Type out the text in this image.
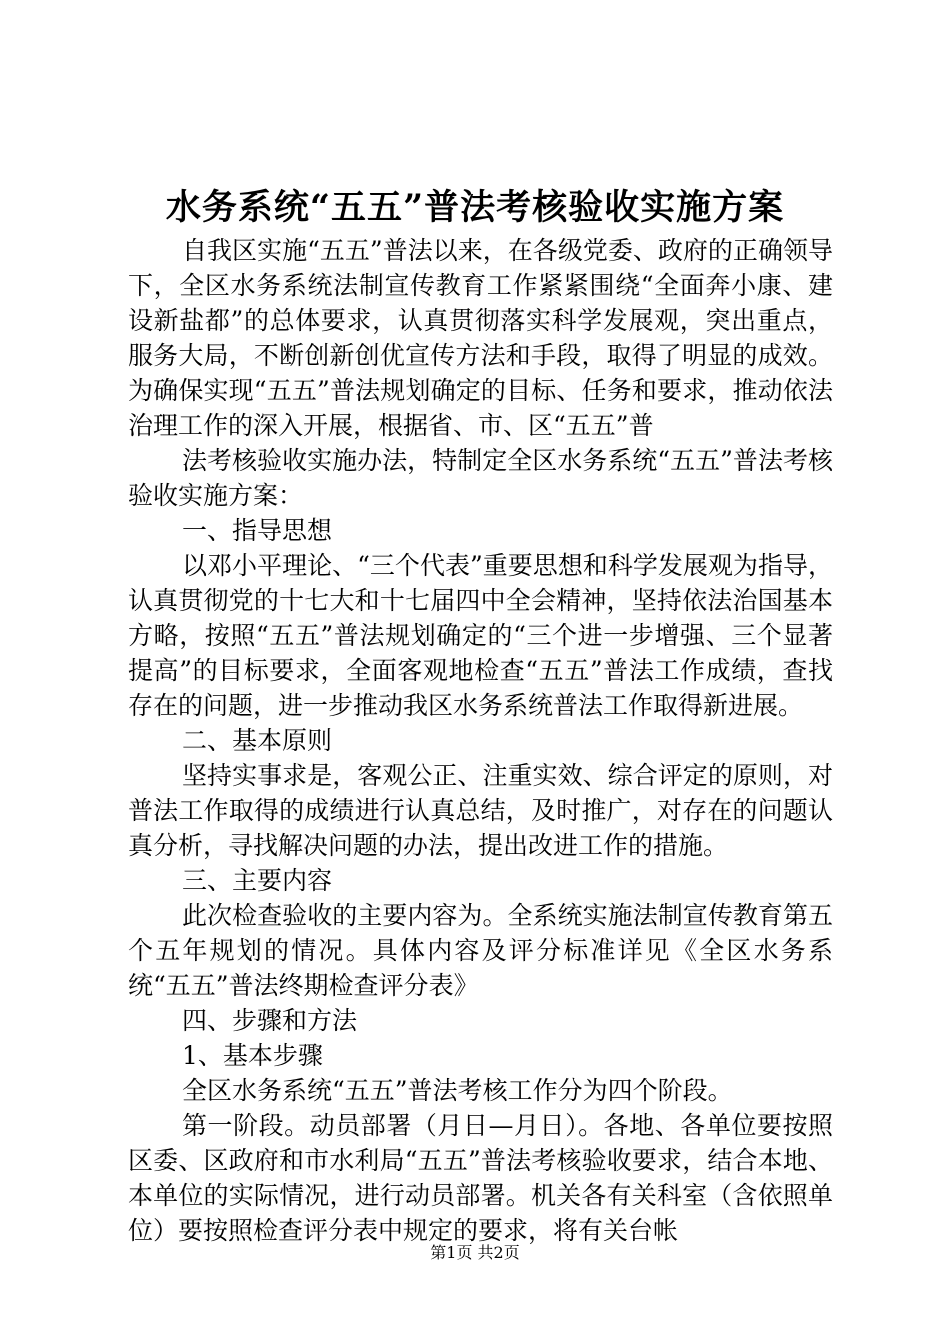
水务系统“五五”普法考核验收实施方案

自我区实施“五五”普法以来，在各级党委、政府的正确领导下，全区水务系统法制宣传教育工作紧紧围绕“全面奔小康、建设新盐都”的总体要求，认真贯彻落实科学发展观，突出重点，服务大局，不断创新创优宣传方法和手段，取得了明显的成效。为确保实现“五五”普法规划确定的目标、任务和要求，推动依法治理工作的深入开展，根据省、市、区“五五”普

法考核验收实施办法，特制定全区水务系统“五五”普法考核验收实施方案：

一、指导思想

以邓小平理论、“三个代表”重要思想和科学发展观为指导，认真贯彻党的十七大和十七届四中全会精神，坚持依法治国基本方略，按照“五五”普法规划确定的“三个进一步增强、三个显著提高”的目标要求，全面客观地检查“五五”普法工作成绩，查找存在的问题，进一步推动我区水务系统普法工作取得新进展。

二、基本原则

坚持实事求是，客观公正、注重实效、综合评定的原则，对普法工作取得的成绩进行认真总结，及时推广，对存在的问题认真分析，寻找解决问题的办法，提出改进工作的措施。

三、主要内容

此次检查验收的主要内容为。全系统实施法制宣传教育第五个五年规划的情况。具体内容及评分标准详见《全区水务系统“五五”普法终期检查评分表》

四、步骤和方法

1、基本步骤

全区水务系统“五五”普法考核工作分为四个阶段。

第一阶段。动员部署（月日—月日）。各地、各单位要按照区委、区政府和市水利局“五五”普法考核验收要求，结合本地、本单位的实际情况，进行动员部署。机关各有关科室（含依照单位）要按照检查评分表中规定的要求，将有关台帐

第1页 共2页
